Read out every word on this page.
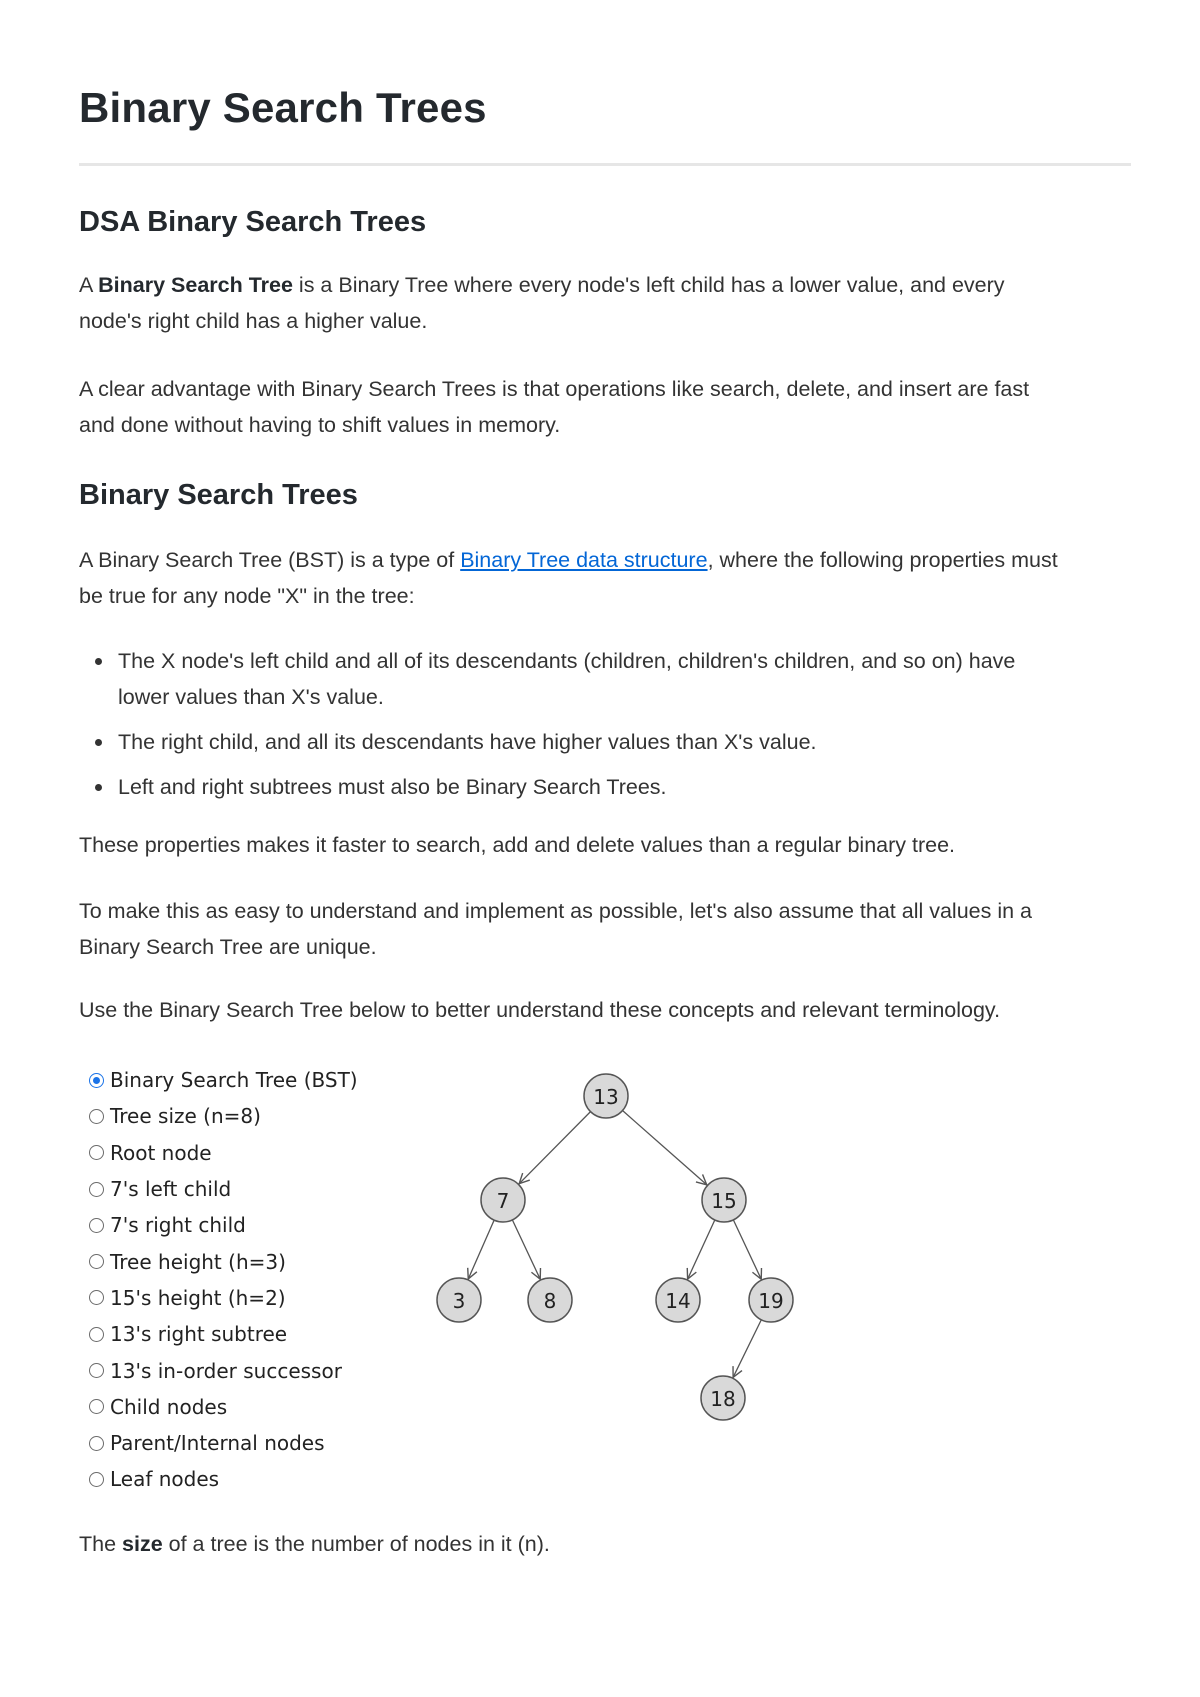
Binary Search Trees
DSA Binary Search Trees
A Binary Search Tree is a Binary Tree where every node's left child has a lower value, and every
node's right child has a higher value.
A clear advantage with Binary Search Trees is that operations like search, delete, and insert are fast
and done without having to shift values in memory.
Binary Search Trees
A Binary Search Tree (BST) is a type of Binary Tree data structure, where the following properties must
be true for any node "X" in the tree:
The X node's left child and all of its descendants (children, children's children, and so on) have
lower values than X's value.
The right child, and all its descendants have higher values than X's value.
Left and right subtrees must also be Binary Search Trees.
These properties makes it faster to search, add and delete values than a regular binary tree.
To make this as easy to understand and implement as possible, let's also assume that all values in a
Binary Search Tree are unique.
Use the Binary Search Tree below to better understand these concepts and relevant terminology.
Binary Search Tree (BST)
Tree size (n=8)
Root node
7's left child
7's right child
Tree height (h=3)
15's height (h=2)
13's right subtree
13's in-order successor
Child nodes
Parent/Internal nodes
Leaf nodes
The size of a tree is the number of nodes in it (n).
13
7	15
3	8	14	19
18
